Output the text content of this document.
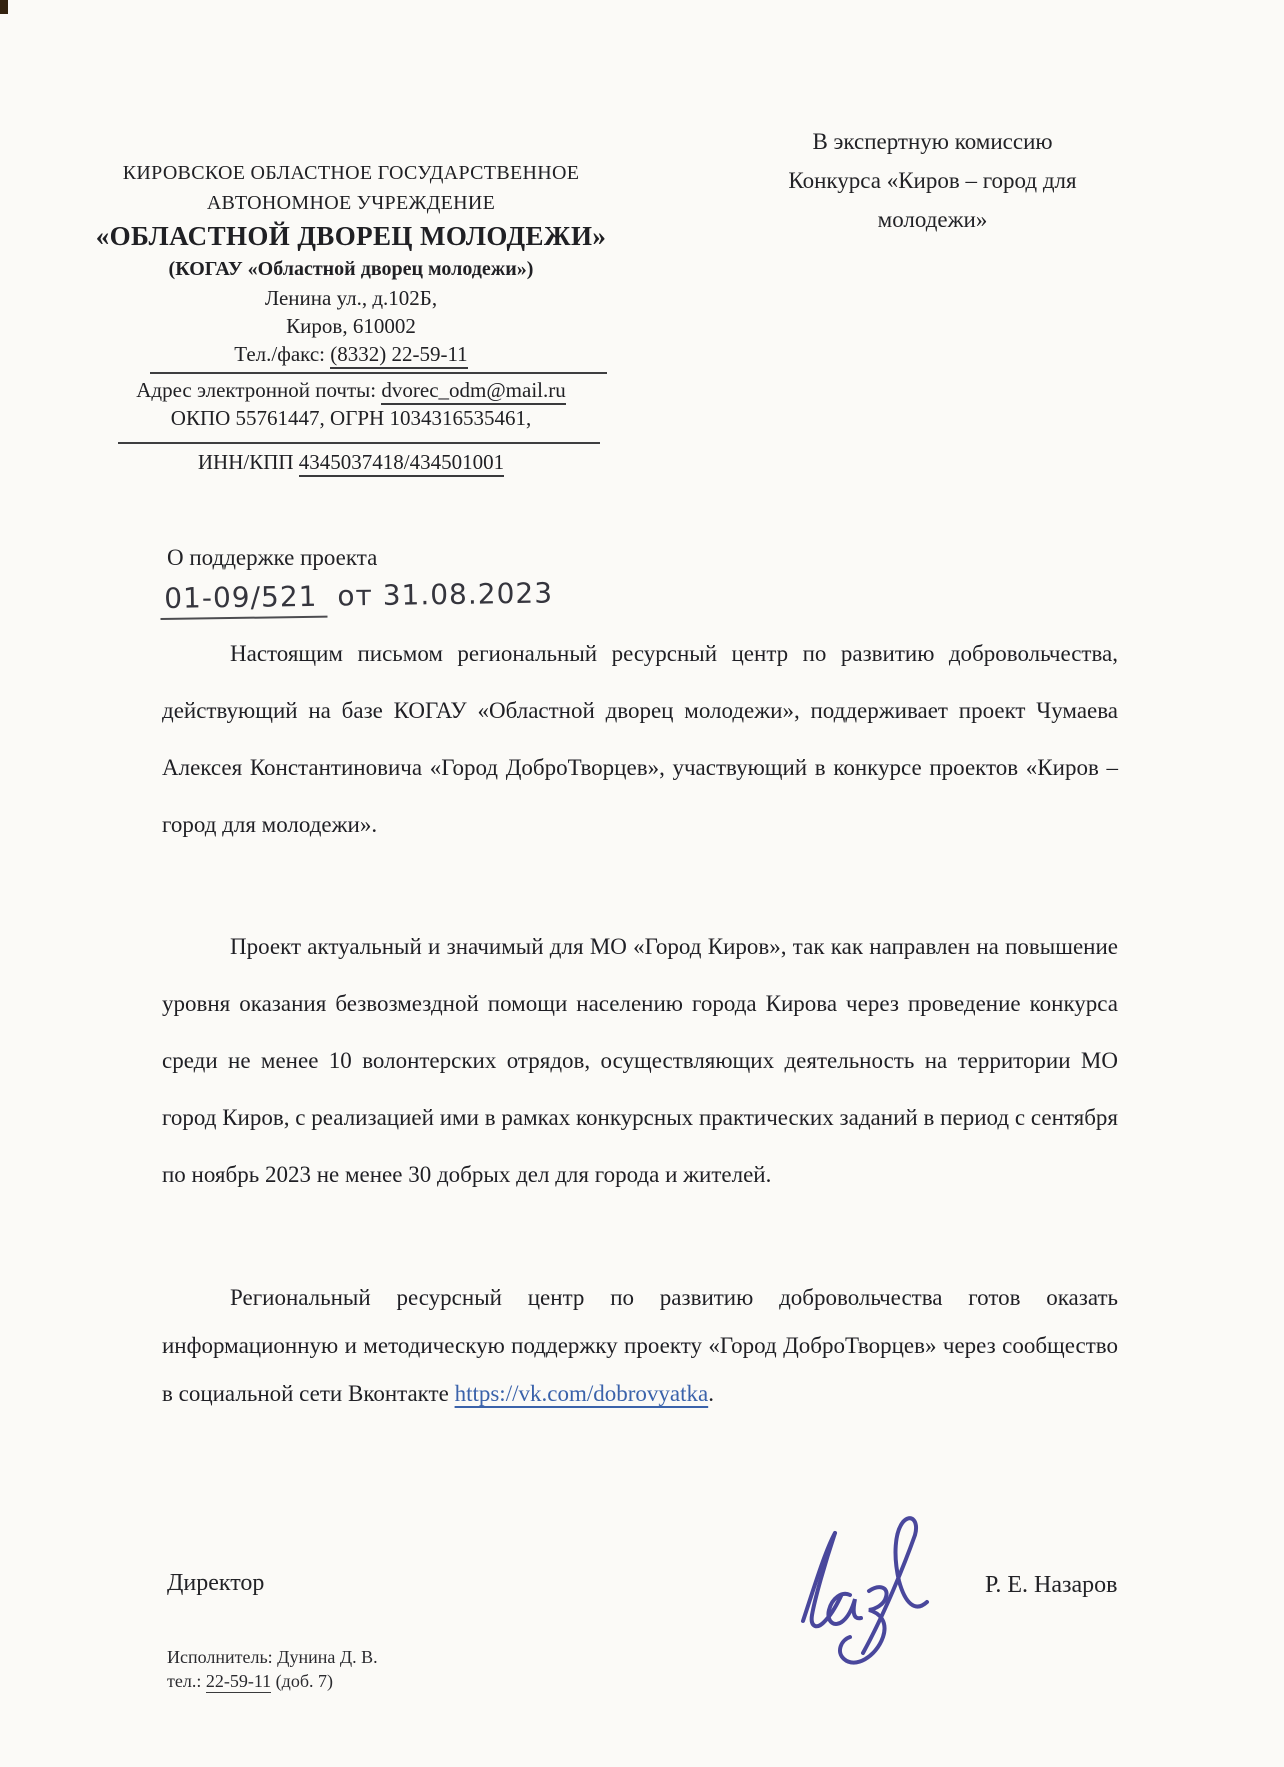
КИРОВСКОЕ ОБЛАСТНОЕ ГОСУДАРСТВЕННОЕ
АВТОНОМНОЕ УЧРЕЖДЕНИЕ
«ОБЛАСТНОЙ ДВОРЕЦ МОЛОДЕЖИ»
(КОГАУ «Областной дворец молодежи»)
Ленина ул., д.102Б,
Киров, 610002
Тел./факс: (8332) 22-59-11
Адрес электронной почты: dvorec_odm@mail.ru
ОКПО 55761447, ОГРН 1034316535461,
ИНН/КПП 4345037418/434501001
В экспертную комиссию
Конкурса «Киров – город для
молодежи»
О поддержке проекта
01-09/521 от 31.08.2023
Настоящим письмом региональный ресурсный центр по развитию добровольчества, действующий на базе КОГАУ «Областной дворец молодежи», поддерживает проект Чумаева Алексея Константиновича «Город ДоброТворцев», участвующий в конкурсе проектов «Киров – город для молодежи».
Проект актуальный и значимый для МО «Город Киров», так как направлен на повышение уровня оказания безвозмездной помощи населению города Кирова через проведение конкурса среди не менее 10 волонтерских отрядов, осуществляющих деятельность на территории МО город Киров, с реализацией ими в рамках конкурсных практических заданий в период с сентября по ноябрь 2023 не менее 30 добрых дел для города и жителей.
Региональный ресурсный центр по развитию добровольчества готов оказать информационную и методическую поддержку проекту «Город ДоброТворцев» через сообщество в социальной сети Вконтакте https://vk.com/dobrovyatka.
Директор	Р. Е. Назаров
Исполнитель: Дунина Д. В.
тел.: 22-59-11 (доб. 7)
